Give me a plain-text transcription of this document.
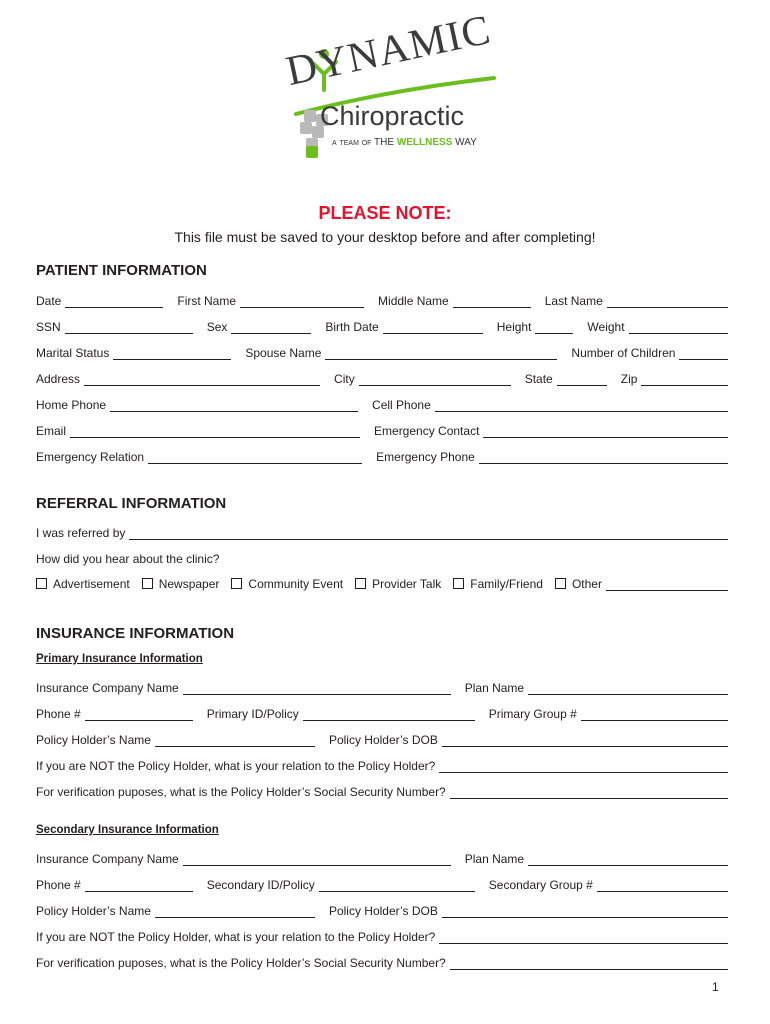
DYNAMIC
Chiropractic
A TEAM OF THE WELLNESS WAY
PLEASE NOTE:
This file must be saved to your desktop before and after completing!
PATIENT INFORMATION
Date	First Name	Middle Name	Last Name
SSN	Sex	Birth Date	Height	Weight
Marital Status	Spouse Name	Number of Children
Address	City	State	Zip
Home Phone	Cell Phone
Email	Emergency Contact
Emergency Relation	Emergency Phone
REFERRAL INFORMATION
I was referred by
How did you hear about the clinic?
Advertisement Newspaper Community Event Provider Talk Family/Friend Other
INSURANCE INFORMATION
Primary Insurance Information
Insurance Company Name	Plan Name
Phone #	Primary ID/Policy	Primary Group #
Policy Holder’s Name	Policy Holder’s DOB
If you are NOT the Policy Holder, what is your relation to the Policy Holder?
For verification puposes, what is the Policy Holder’s Social Security Number?
Secondary Insurance Information
Insurance Company Name	Plan Name
Phone #	Secondary ID/Policy	Secondary Group #
Policy Holder’s Name	Policy Holder’s DOB
If you are NOT the Policy Holder, what is your relation to the Policy Holder?
For verification puposes, what is the Policy Holder’s Social Security Number?
1
